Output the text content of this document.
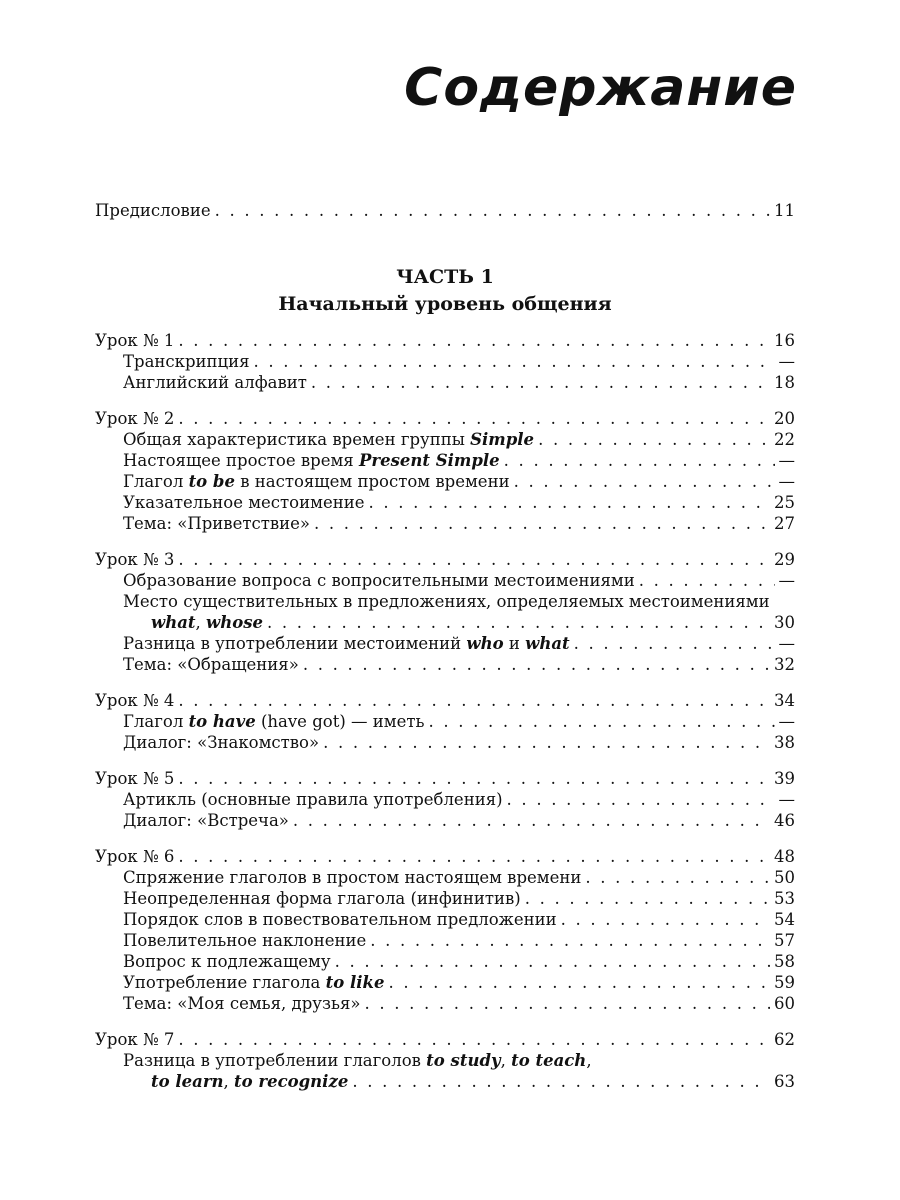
Содержание
Предисловие . . .	11
ЧАСТЬ 1
Начальный уровень общения
Урок № 1 . . .	16
Транскрипция . . .	—
Английский алфавит . . .	18
Урок № 2 . . .	20
Общая характеристика времен группы Simple . . .	22
Настоящее простое время Present Simple . . .	—
Глагол to be в настоящем простом времени . . .	—
Указательное местоимение . . .	25
Тема: «Приветствие» . . .	27
Урок № 3 . . .	29
Образование вопроса с вопросительными местоимениями . . .	—
Место существительных в предложениях, определяемых местоимениями
what, whose . . .	30
Разница в употреблении местоимений who и what . . .	—
Тема: «Обращения» . . .	32
Урок № 4 . . .	34
Глагол to have (have got) — иметь . . .	—
Диалог: «Знакомство» . . .	38
Урок № 5 . . .	39
Артикль (основные правила употребления) . . .	—
Диалог: «Встреча» . . .	46
Урок № 6 . . .	48
Спряжение глаголов в простом настоящем времени . . .	50
Неопределенная форма глагола (инфинитив) . . .	53
Порядок слов в повествовательном предложении . . .	54
Повелительное наклонение . . .	57
Вопрос к подлежащему . . .	58
Употребление глагола to like . . .	59
Тема: «Моя семья, друзья» . . .	60
Урок № 7 . . .	62
Разница в употреблении глаголов to study, to teach,
to learn, to recognize . . .	63
